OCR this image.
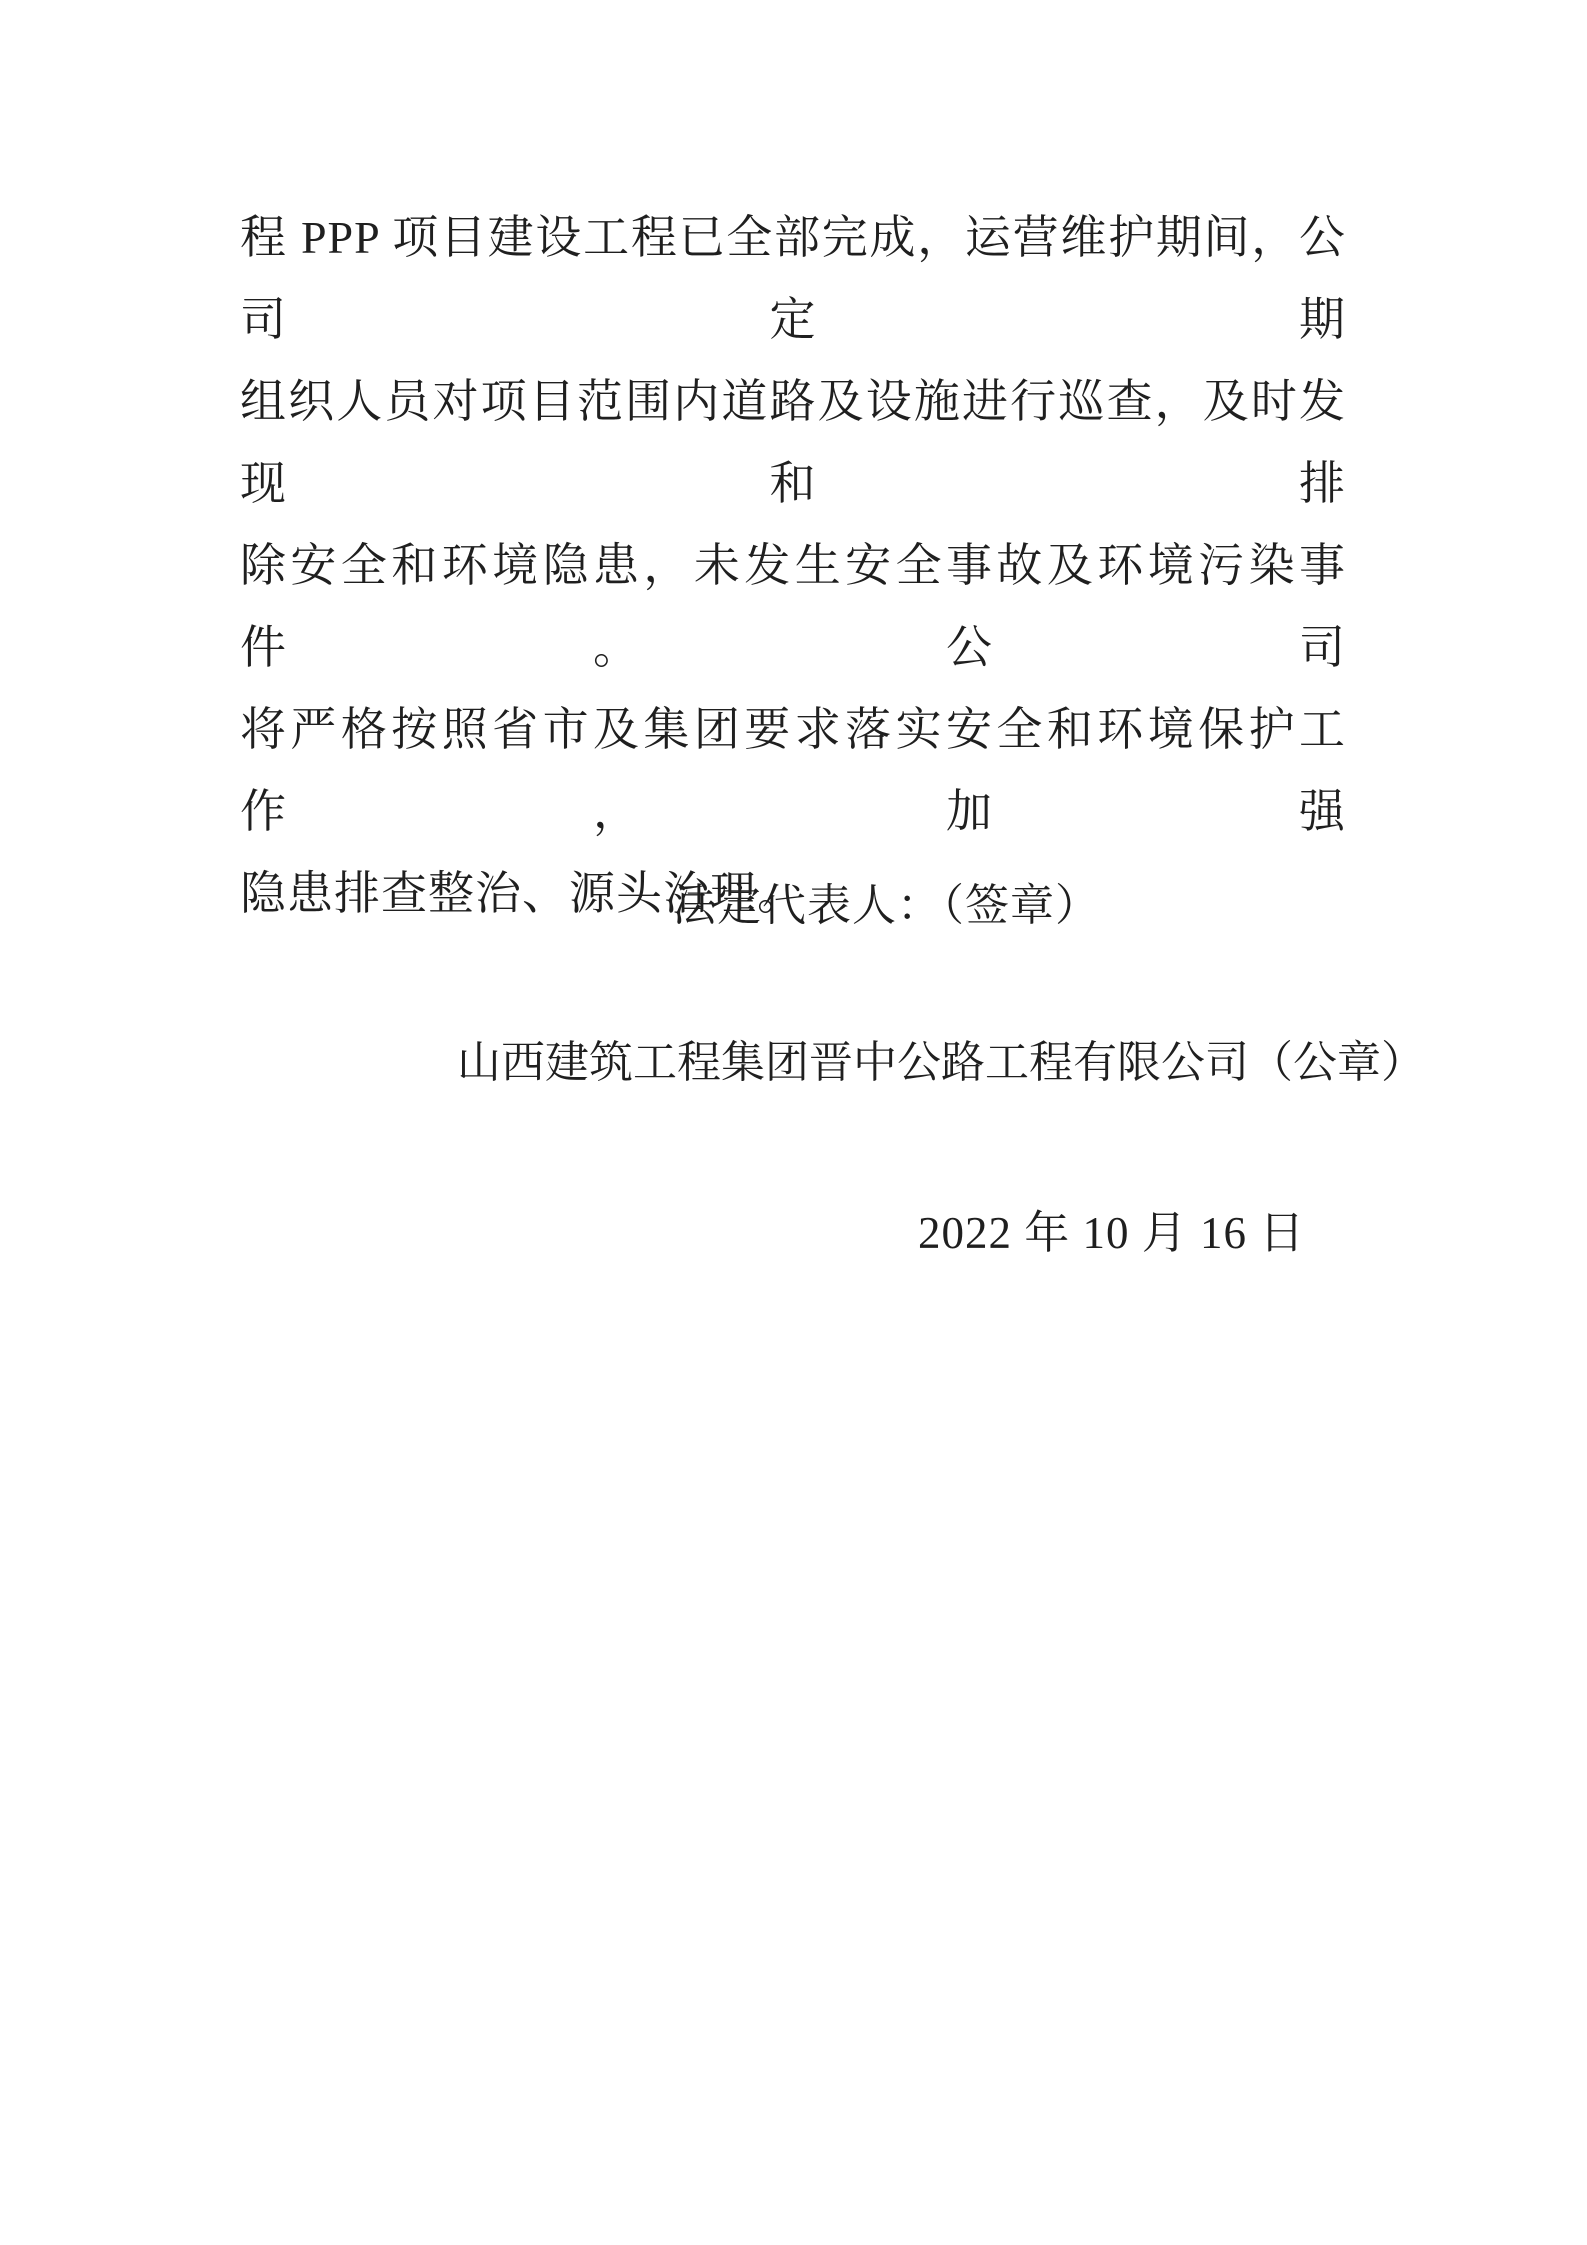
程 PPP 项目建设工程已全部完成，运营维护期间，公司定期
组织人员对项目范围内道路及设施进行巡查，及时发现和排
除安全和环境隐患，未发生安全事故及环境污染事件。公司
将严格按照省市及集团要求落实安全和环境保护工作，加强
隐患排查整治、源头治理。
法定代表人：（签章）
山西建筑工程集团晋中公路工程有限公司（公章）
2022 年 10 月 16 日
